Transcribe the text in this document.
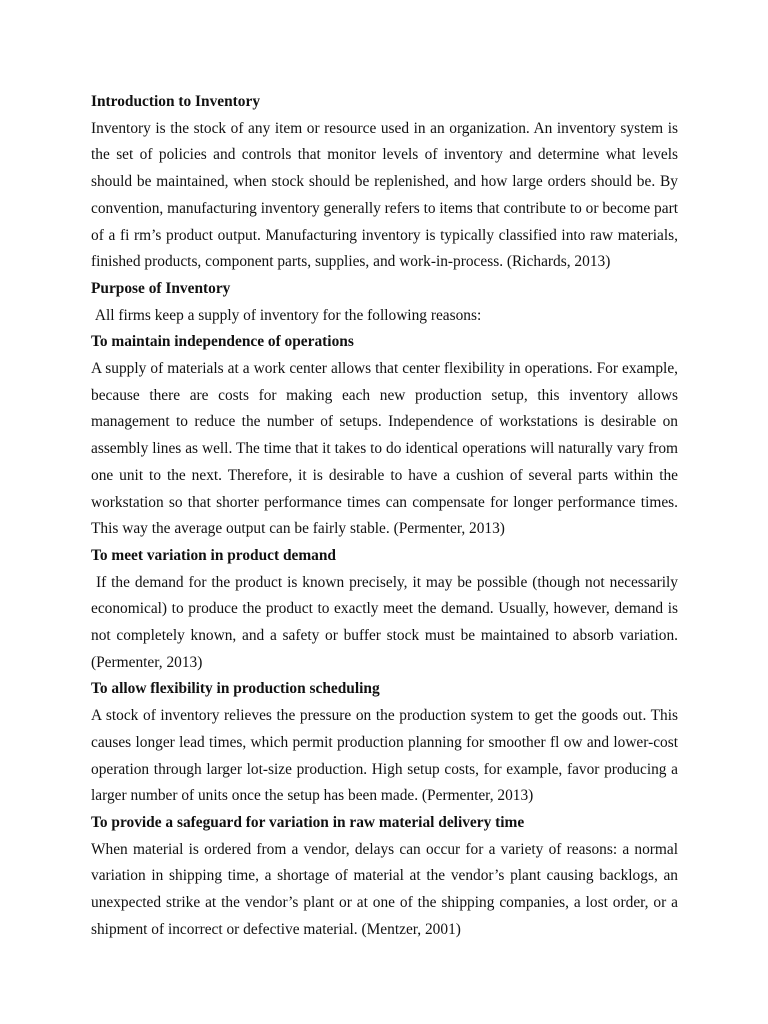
Introduction to Inventory

Inventory is the stock of any item or resource used in an organization. An inventory system is the set of policies and controls that monitor levels of inventory and determine what levels should be maintained, when stock should be replenished, and how large orders should be. By convention, manufacturing inventory generally refers to items that contribute to or become part of a fi rm’s product output. Manufacturing inventory is typically classified into raw materials, finished products, component parts, supplies, and work-in-process. (Richards, 2013)

Purpose of Inventory

All firms keep a supply of inventory for the following reasons:

To maintain independence of operations

A supply of materials at a work center allows that center flexibility in operations. For example, because there are costs for making each new production setup, this inventory allows management to reduce the number of setups. Independence of workstations is desirable on assembly lines as well. The time that it takes to do identical operations will naturally vary from one unit to the next. Therefore, it is desirable to have a cushion of several parts within the workstation so that shorter performance times can compensate for longer performance times. This way the average output can be fairly stable. (Permenter, 2013)

To meet variation in product demand

If the demand for the product is known precisely, it may be possible (though not necessarily economical) to produce the product to exactly meet the demand. Usually, however, demand is not completely known, and a safety or buffer stock must be maintained to absorb variation. (Permenter, 2013)

To allow flexibility in production scheduling

A stock of inventory relieves the pressure on the production system to get the goods out. This causes longer lead times, which permit production planning for smoother fl ow and lower-cost operation through larger lot-size production. High setup costs, for example, favor producing a larger number of units once the setup has been made. (Permenter, 2013)

To provide a safeguard for variation in raw material delivery time

When material is ordered from a vendor, delays can occur for a variety of reasons: a normal variation in shipping time, a shortage of material at the vendor’s plant causing backlogs, an unexpected strike at the vendor’s plant or at one of the shipping companies, a lost order, or a shipment of incorrect or defective material. (Mentzer, 2001)
